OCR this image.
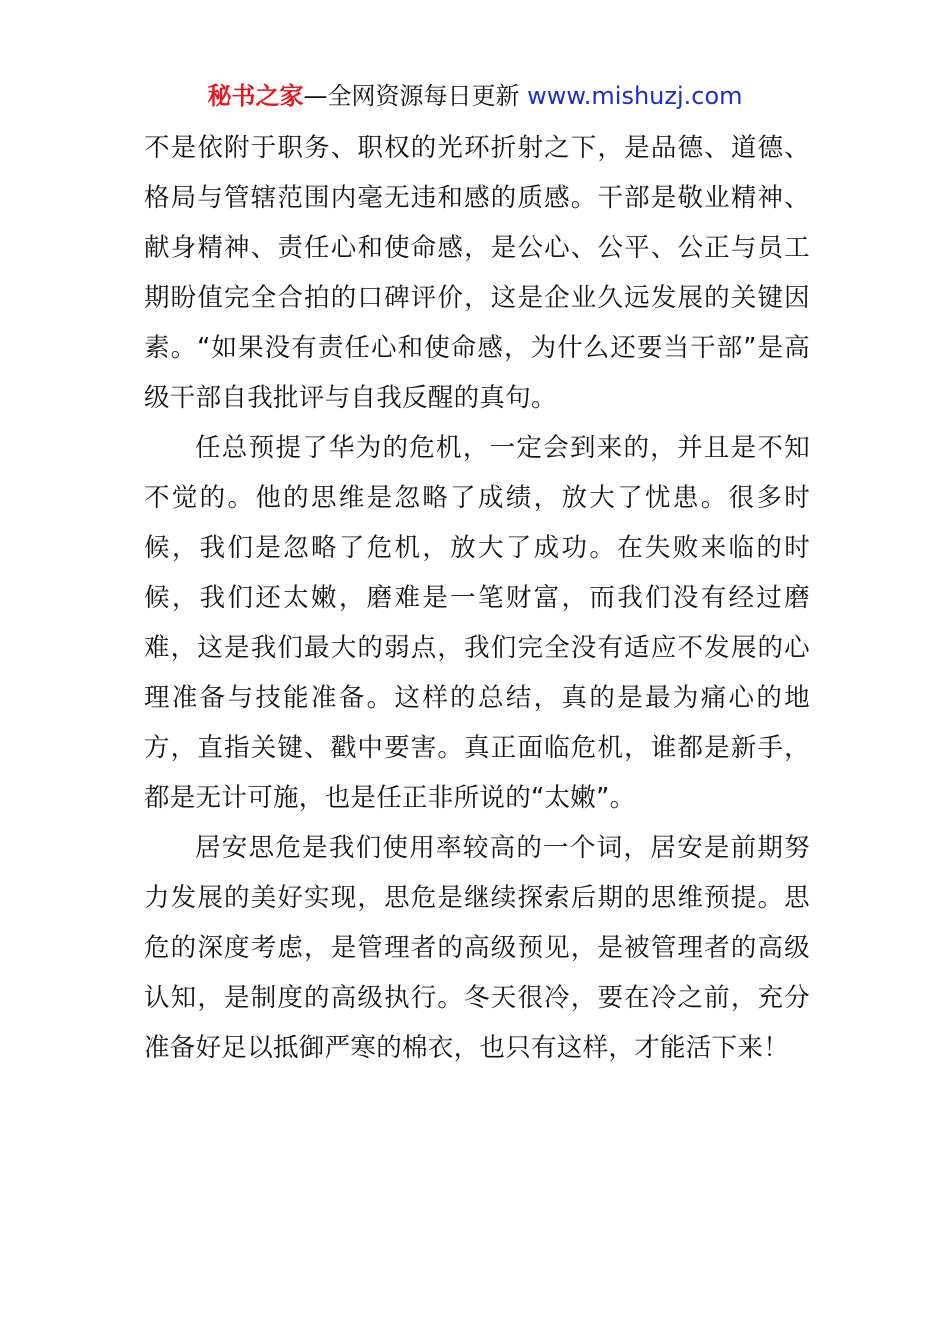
秘书之家—全网资源每日更新 www.mishuzj.com

不是依附于职务、职权的光环折射之下，是品德、道德、格局与管辖范围内毫无违和感的质感。干部是敬业精神、献身精神、责任心和使命感，是公心、公平、公正与员工期盼值完全合拍的口碑评价，这是企业久远发展的关键因素。“如果没有责任心和使命感，为什么还要当干部”是高级干部自我批评与自我反醒的真句。

任总预提了华为的危机，一定会到来的，并且是不知不觉的。他的思维是忽略了成绩，放大了忧患。很多时候，我们是忽略了危机，放大了成功。在失败来临的时候，我们还太嫩，磨难是一笔财富，而我们没有经过磨难，这是我们最大的弱点，我们完全没有适应不发展的心理准备与技能准备。这样的总结，真的是最为痛心的地方，直指关键、戳中要害。真正面临危机，谁都是新手，都是无计可施，也是任正非所说的“太嫩”。

居安思危是我们使用率较高的一个词，居安是前期努力发展的美好实现，思危是继续探索后期的思维预提。思危的深度考虑，是管理者的高级预见，是被管理者的高级认知，是制度的高级执行。冬天很冷，要在冷之前，充分准备好足以抵御严寒的棉衣，也只有这样，才能活下来！
